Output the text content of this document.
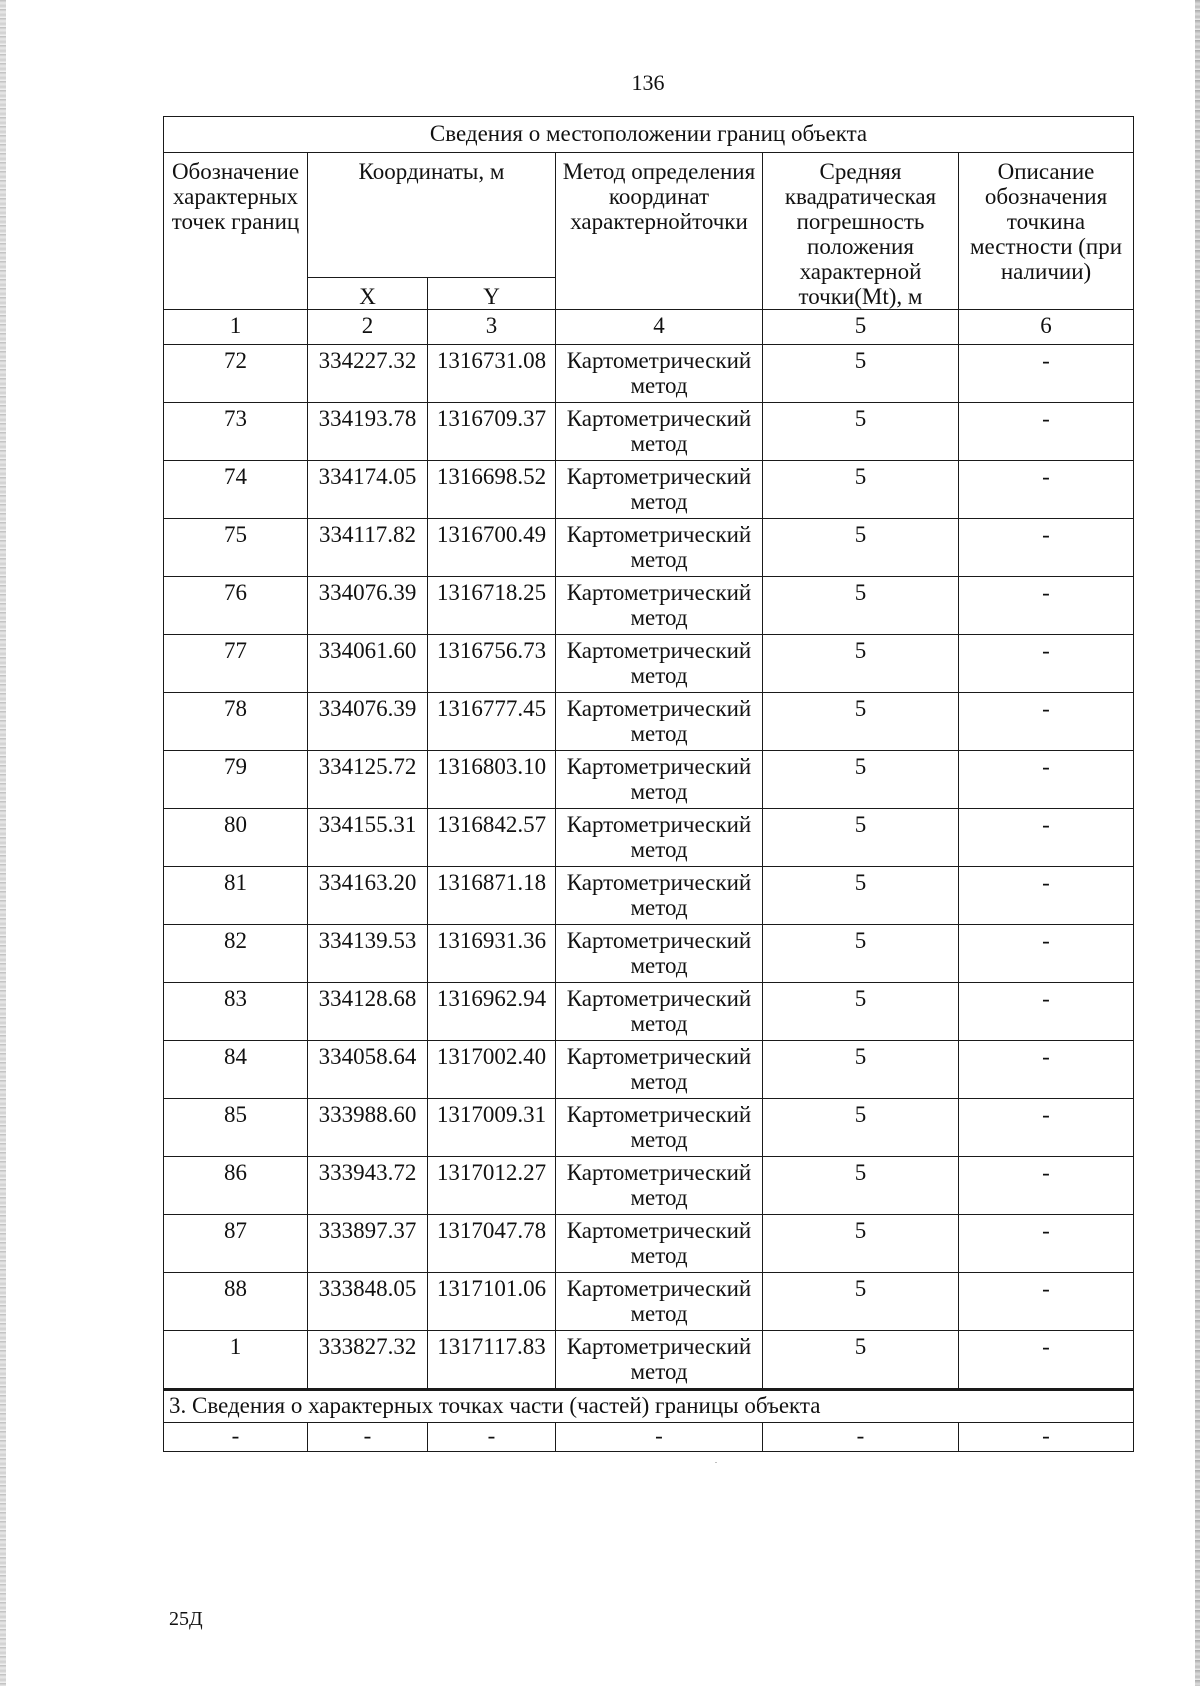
136
Сведения о местоположении границ объекта					
Обозначение характерных точек границ	Координаты, м		Метод определения координат характернойточки	Средняя квадратическая погрешность положения характерной точки(Mt), м	Описание обозначения точкина местности (при наличии)
	X	Y			
1	2	3	4	5	6
72	334227.32	1316731.08	Картометрический метод	5	-
73	334193.78	1316709.37	Картометрический метод	5	-
74	334174.05	1316698.52	Картометрический метод	5	-
75	334117.82	1316700.49	Картометрический метод	5	-
76	334076.39	1316718.25	Картометрический метод	5	-
77	334061.60	1316756.73	Картометрический метод	5	-
78	334076.39	1316777.45	Картометрический метод	5	-
79	334125.72	1316803.10	Картометрический метод	5	-
80	334155.31	1316842.57	Картометрический метод	5	-
81	334163.20	1316871.18	Картометрический метод	5	-
82	334139.53	1316931.36	Картометрический метод	5	-
83	334128.68	1316962.94	Картометрический метод	5	-
84	334058.64	1317002.40	Картометрический метод	5	-
85	333988.60	1317009.31	Картометрический метод	5	-
86	333943.72	1317012.27	Картометрический метод	5	-
87	333897.37	1317047.78	Картометрический метод	5	-
88	333848.05	1317101.06	Картометрический метод	5	-
1	333827.32	1317117.83	Картометрический метод	5	-
3. Сведения о характерных точках части (частей) границы объекта					
-	-	-	-	-	-
25Д
